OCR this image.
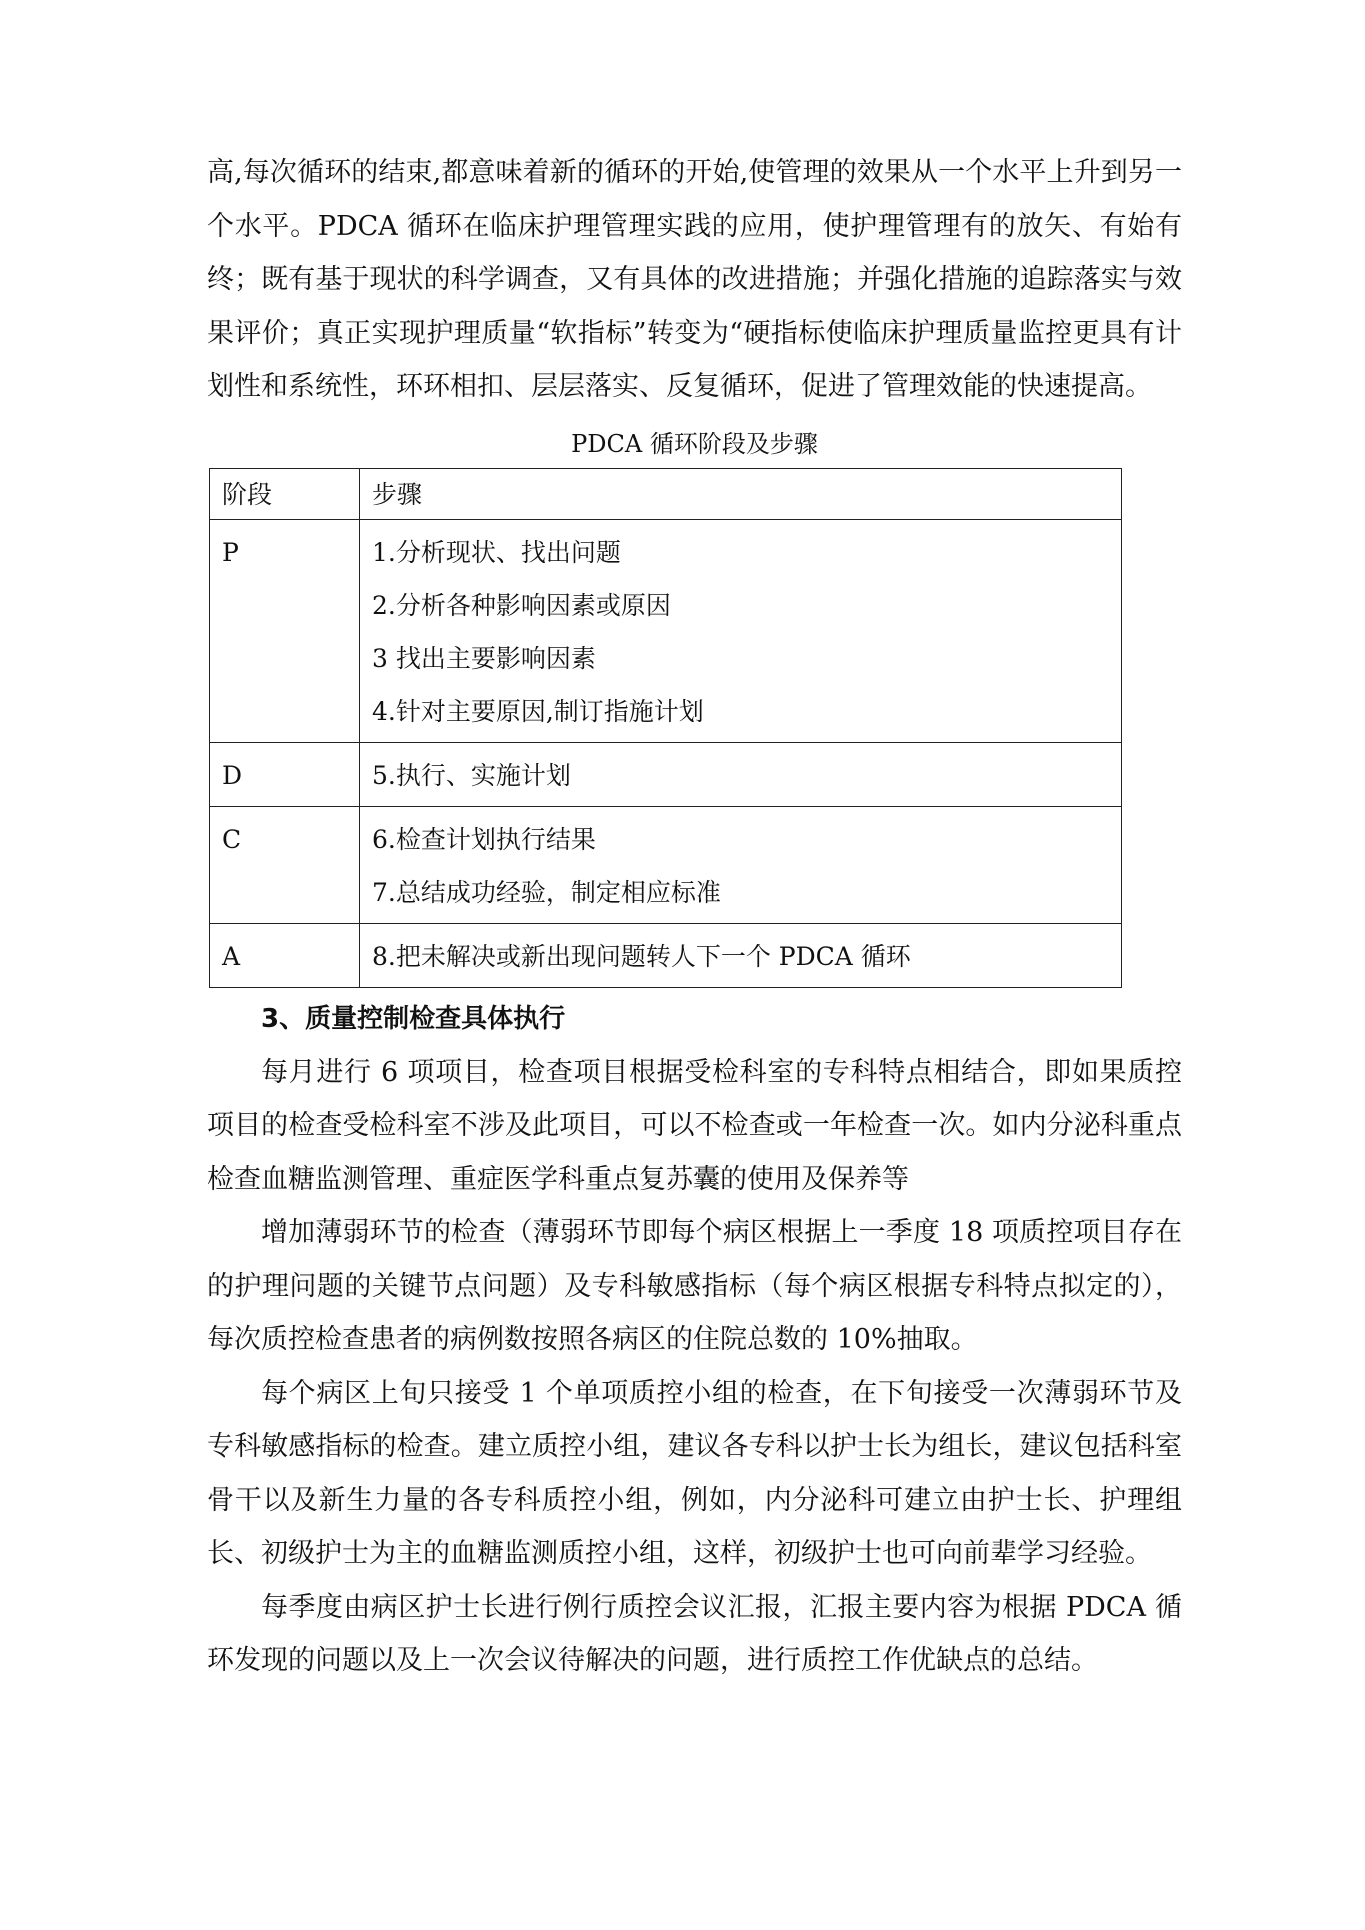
高,每次循环的结束,都意味着新的循环的开始,使管理的效果从一个水平上升到另一个水平。PDCA 循环在临床护理管理实践的应用，使护理管理有的放矢、有始有终；既有基于现状的科学调查，又有具体的改进措施；并强化措施的追踪落实与效果评价；真正实现护理质量“软指标”转变为“硬指标使临床护理质量监控更具有计划性和系统性，环环相扣、层层落实、反复循环，促进了管理效能的快速提高。

PDCA 循环阶段及步骤
阶段	步骤

P	1.分析现状、找出问题
2.分析各种影响因素或原因
3 找出主要影响因素
4.针对主要原因,制订指施计划

D	5.执行、实施计划

C	6.检查计划执行结果
7.总结成功经验，制定相应标准

A	8.把未解决或新出现问题转人下一个 PDCA 循环
3、质量控制检查具体执行

每月进行 6 项项目，检查项目根据受检科室的专科特点相结合，即如果质控项目的检查受检科室不涉及此项目，可以不检查或一年检查一次。如内分泌科重点检查血糖监测管理、重症医学科重点复苏囊的使用及保养等

增加薄弱环节的检查（薄弱环节即每个病区根据上一季度 18 项质控项目存在的护理问题的关键节点问题）及专科敏感指标（每个病区根据专科特点拟定的），每次质控检查患者的病例数按照各病区的住院总数的 10%抽取。

每个病区上旬只接受 1 个单项质控小组的检查，在下旬接受一次薄弱环节及专科敏感指标的检查。建立质控小组，建议各专科以护士长为组长，建议包括科室骨干以及新生力量的各专科质控小组，例如，内分泌科可建立由护士长、护理组长、初级护士为主的血糖监测质控小组，这样，初级护士也可向前辈学习经验。

每季度由病区护士长进行例行质控会议汇报，汇报主要内容为根据 PDCA 循环发现的问题以及上一次会议待解决的问题，进行质控工作优缺点的总结。
